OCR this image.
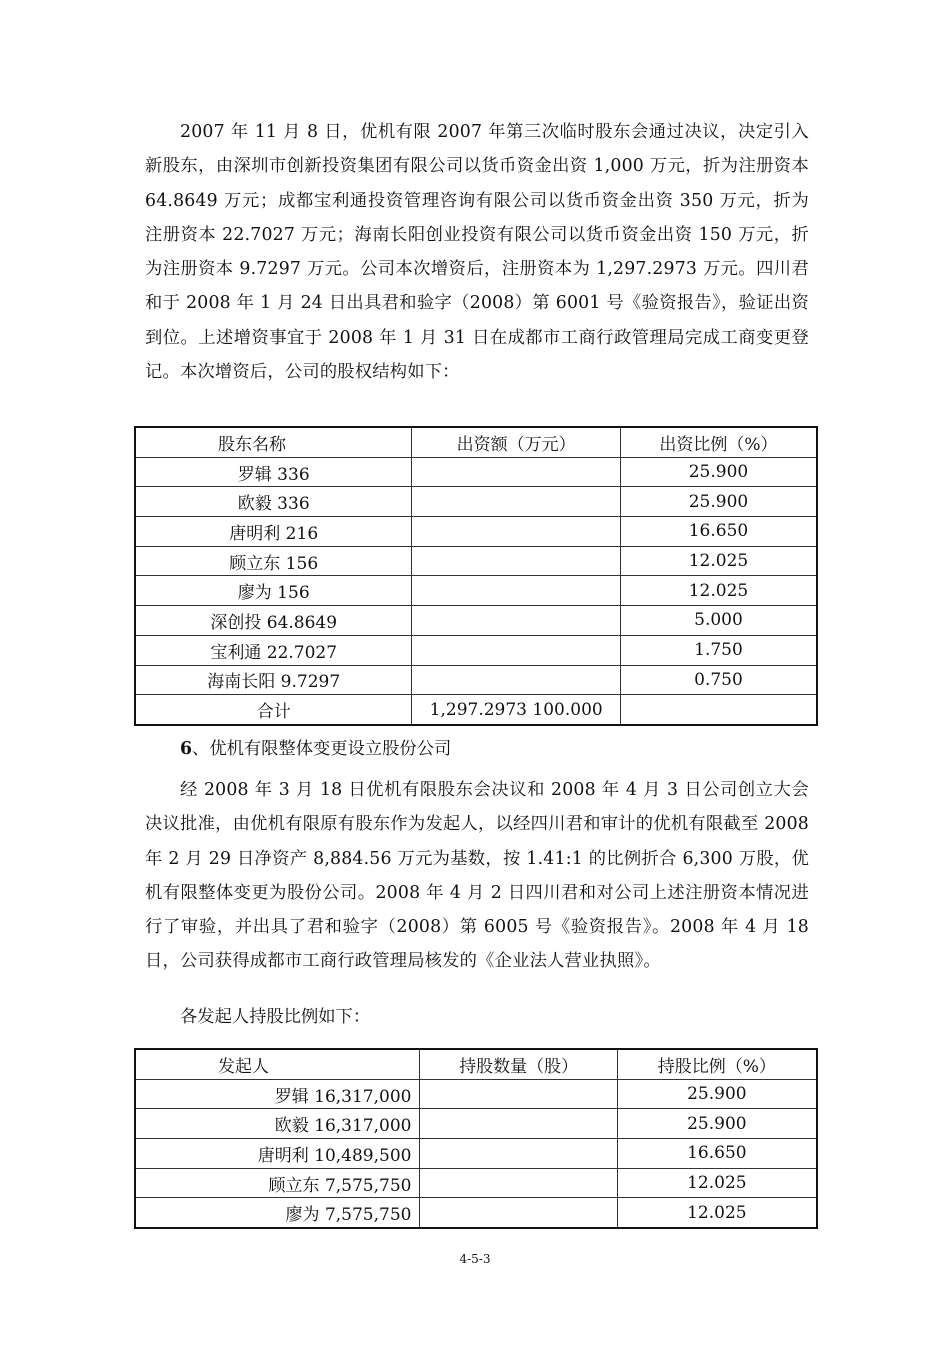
2007 年 11 月 8 日，优机有限 2007 年第三次临时股东会通过决议，决定引入新股东，由深圳市创新投资集团有限公司以货币资金出资 1,000 万元，折为注册资本 64.8649 万元；成都宝利通投资管理咨询有限公司以货币资金出资 350 万元，折为注册资本 22.7027 万元；海南长阳创业投资有限公司以货币资金出资 150 万元，折为注册资本 9.7297 万元。公司本次增资后，注册资本为 1,297.2973 万元。四川君和于 2008 年 1 月 24 日出具君和验字（2008）第 6001 号《验资报告》，验证出资到位。上述增资事宜于 2008 年 1 月 31 日在成都市工商行政管理局完成工商变更登记。本次增资后，公司的股权结构如下：

股东名称	出资额（万元）	出资比例（%）
罗辑 336		25.900
欧毅 336		25.900
唐明利 216		16.650
顾立东 156		12.025
廖为 156		12.025
深创投 64.8649		5.000
宝利通 22.7027		1.750
海南长阳 9.7297		0.750
合计	1,297.2973 100.000	

6、优机有限整体变更设立股份公司

经 2008 年 3 月 18 日优机有限股东会决议和 2008 年 4 月 3 日公司创立大会决议批准，由优机有限原有股东作为发起人，以经四川君和审计的优机有限截至 2008 年 2 月 29 日净资产 8,884.56 万元为基数，按 1.41:1 的比例折合 6,300 万股，优机有限整体变更为股份公司。2008 年 4 月 2 日四川君和对公司上述注册资本情况进行了审验，并出具了君和验字（2008）第 6005 号《验资报告》。2008 年 4 月 18 日，公司获得成都市工商行政管理局核发的《企业法人营业执照》。

各发起人持股比例如下：

发起人	持股数量（股）	持股比例（%）
罗辑 16,317,000		25.900
欧毅 16,317,000		25.900
唐明利 10,489,500		16.650
顾立东 7,575,750		12.025
廖为 7,575,750		12.025
4-5-3
